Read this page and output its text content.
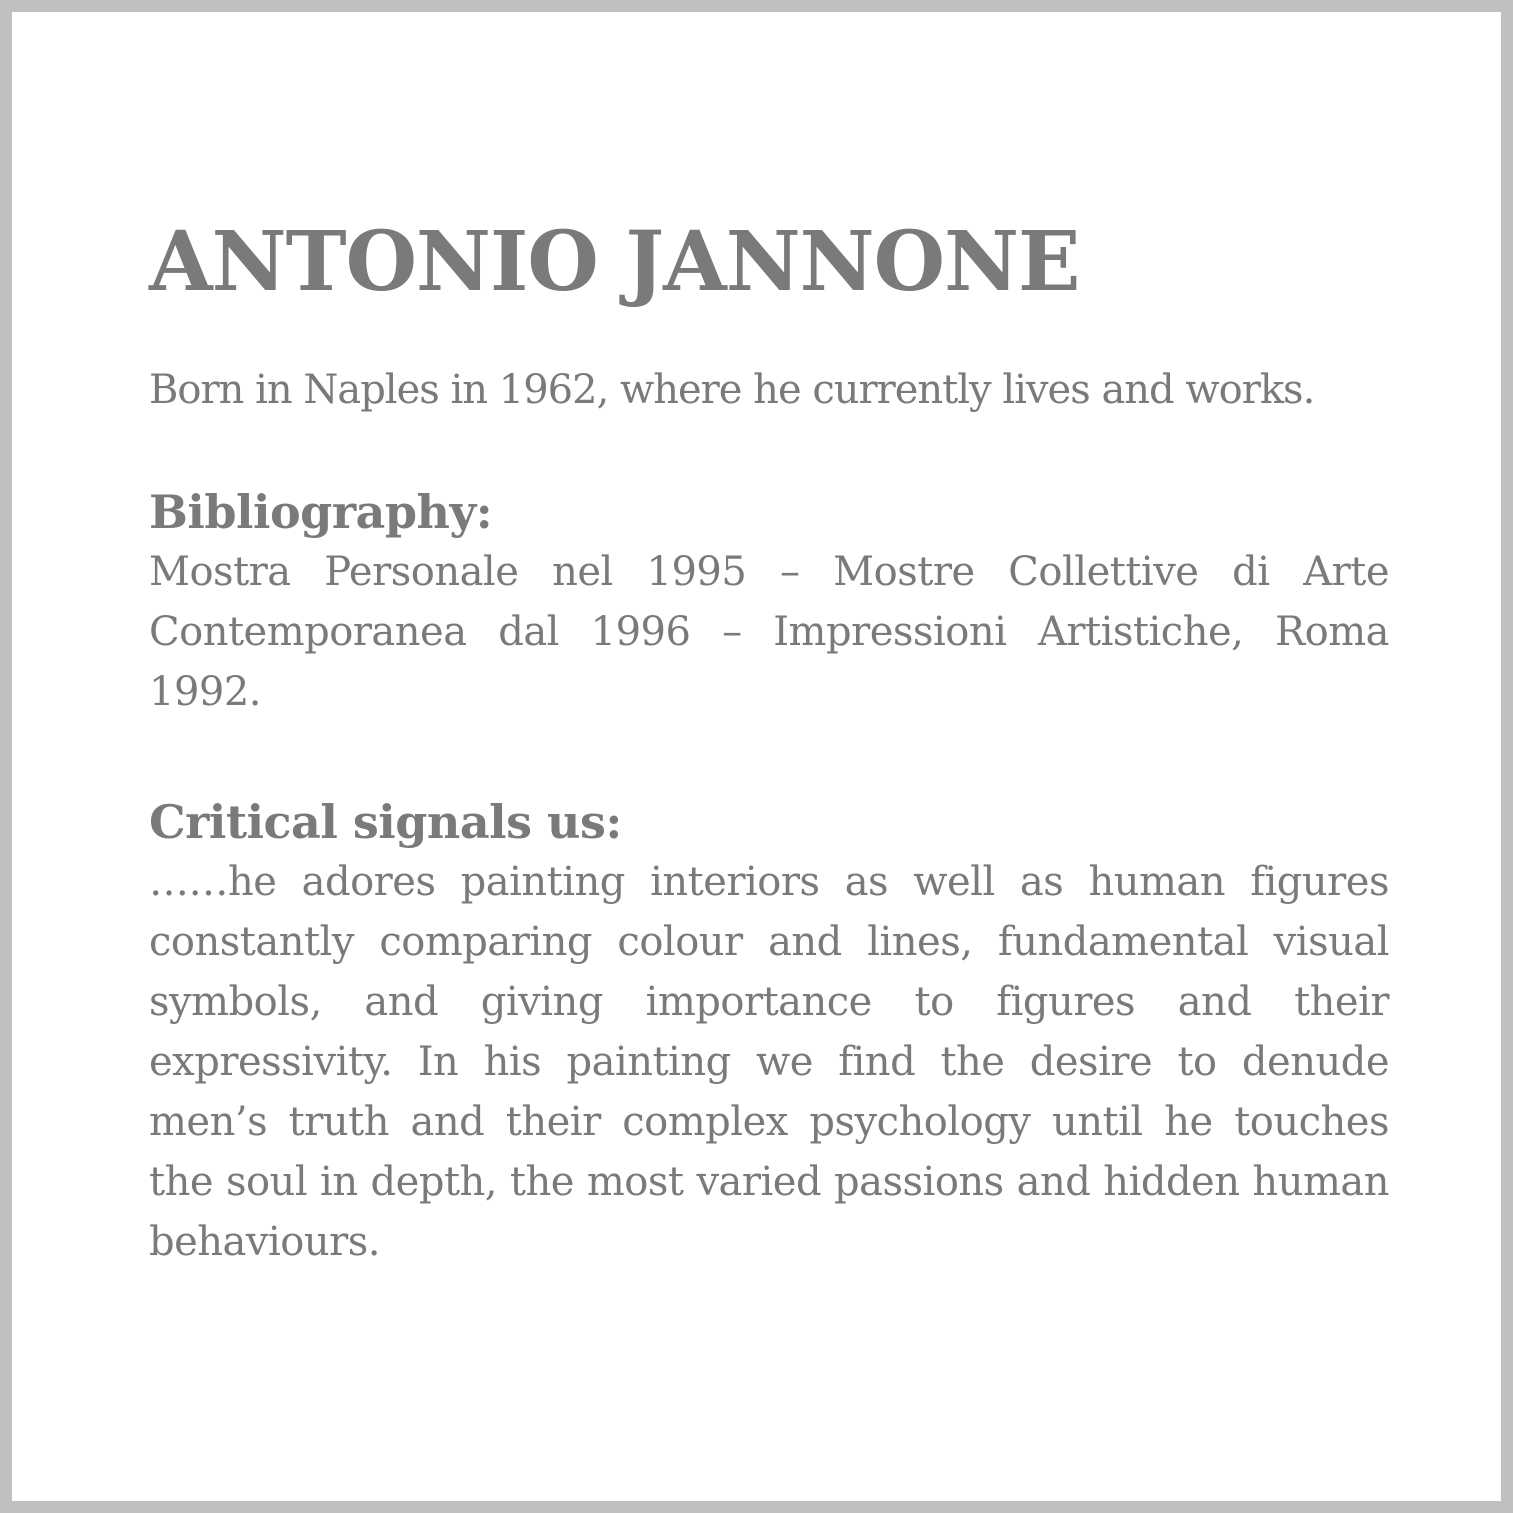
ANTONIO JANNONE

Born in Naples in 1962, where he currently lives and works.

Bibliography:

Mostra Personale nel 1995 – Mostre Collettive di Arte Contemporanea dal 1996 – Impressioni Artistiche, Roma 1992.

Critical signals us:

……he adores painting interiors as well as human figures constantly comparing colour and lines, fundamental visual symbols, and giving importance to figures and their expressivity. In his painting we find the desire to denude men’s truth and their complex psychology until he touches the soul in depth, the most varied passions and hidden human behaviours.
